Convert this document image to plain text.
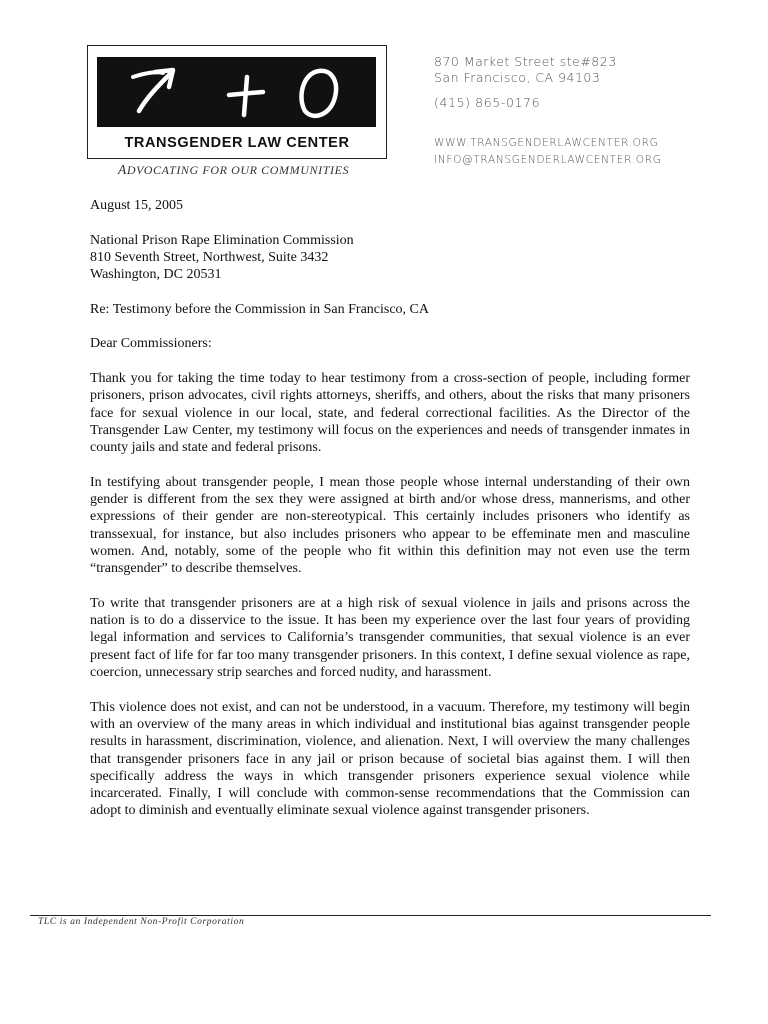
TRANSGENDER LAW CENTER
ADVOCATING FOR OUR COMMUNITIES
870 Market Street ste#823
San Francisco, CA 94103
(415) 865-0176
WWW.TRANSGENDERLAWCENTER.ORG
INFO@TRANSGENDERLAWCENTER.ORG

August 15, 2005

National Prison Rape Elimination Commission
810 Seventh Street, Northwest, Suite 3432
Washington, DC 20531

Re: Testimony before the Commission in San Francisco, CA

Dear Commissioners:

Thank you for taking the time today to hear testimony from a cross-section of people, including former prisoners, prison advocates, civil rights attorneys, sheriffs, and others, about the risks that many prisoners face for sexual violence in our local, state, and federal correctional facilities. As the Director of the Transgender Law Center, my testimony will focus on the experiences and needs of transgender inmates in county jails and state and federal prisons.

In testifying about transgender people, I mean those people whose internal understanding of their own gender is different from the sex they were assigned at birth and/or whose dress, mannerisms, and other expressions of their gender are non-stereotypical. This certainly includes prisoners who identify as transsexual, for instance, but also includes prisoners who appear to be effeminate men and masculine women. And, notably, some of the people who fit within this definition may not even use the term “transgender” to describe themselves.

To write that transgender prisoners are at a high risk of sexual violence in jails and prisons across the nation is to do a disservice to the issue. It has been my experience over the last four years of providing legal information and services to California’s transgender communities, that sexual violence is an ever present fact of life for far too many transgender prisoners. In this context, I define sexual violence as rape, coercion, unnecessary strip searches and forced nudity, and harassment.

This violence does not exist, and can not be understood, in a vacuum. Therefore, my testimony will begin with an overview of the many areas in which individual and institutional bias against transgender people results in harassment, discrimination, violence, and alienation. Next, I will overview the many challenges that transgender prisoners face in any jail or prison because of societal bias against them. I will then specifically address the ways in which transgender prisoners experience sexual violence while incarcerated. Finally, I will conclude with common-sense recommendations that the Commission can adopt to diminish and eventually eliminate sexual violence against transgender prisoners.

TLC is an Independent Non-Profit Corporation
